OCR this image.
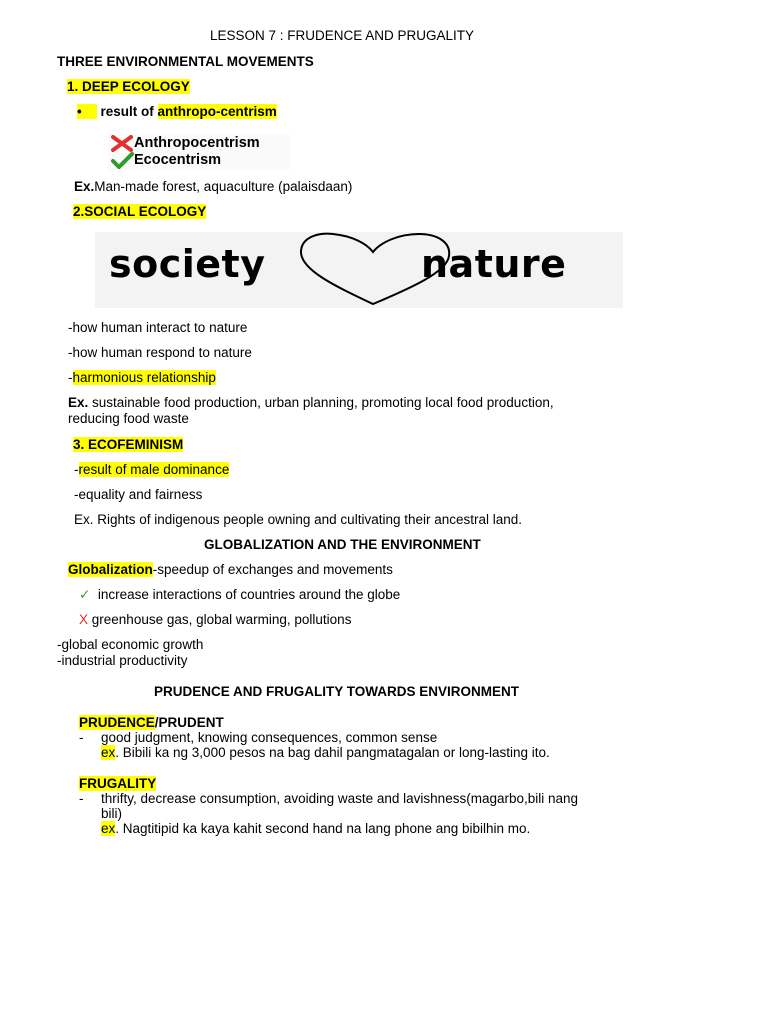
LESSON 7 : FRUDENCE AND PRUGALITY
THREE ENVIRONMENTAL MOVEMENTS
1. DEEP ECOLOGY
•     result of anthropo-centrism
Anthropocentrism
Ecocentrism
Ex.Man-made forest, aquaculture (palaisdaan)
2.SOCIAL ECOLOGY
society	nature
-how human interact to nature
-how human respond to nature
-harmonious relationship
Ex. sustainable food production, urban planning, promoting local food production,
reducing food waste
3. ECOFEMINISM
-result of male dominance
-equality and fairness
Ex. Rights of indigenous people owning and cultivating their ancestral land.
GLOBALIZATION AND THE ENVIRONMENT
Globalization-speedup of exchanges and movements
✓ increase interactions of countries around the globe
X greenhouse gas, global warming, pollutions
-global economic growth
-industrial productivity
PRUDENCE AND FRUGALITY TOWARDS ENVIRONMENT
PRUDENCE/PRUDENT
- good judgment, knowing consequences, common sense
ex. Bibili ka ng 3,000 pesos na bag dahil pangmatagalan or long-lasting ito.
FRUGALITY
- thrifty, decrease consumption, avoiding waste and lavishness(magarbo,bili nang
bili)
ex. Nagtitipid ka kaya kahit second hand na lang phone ang bibilhin mo.
